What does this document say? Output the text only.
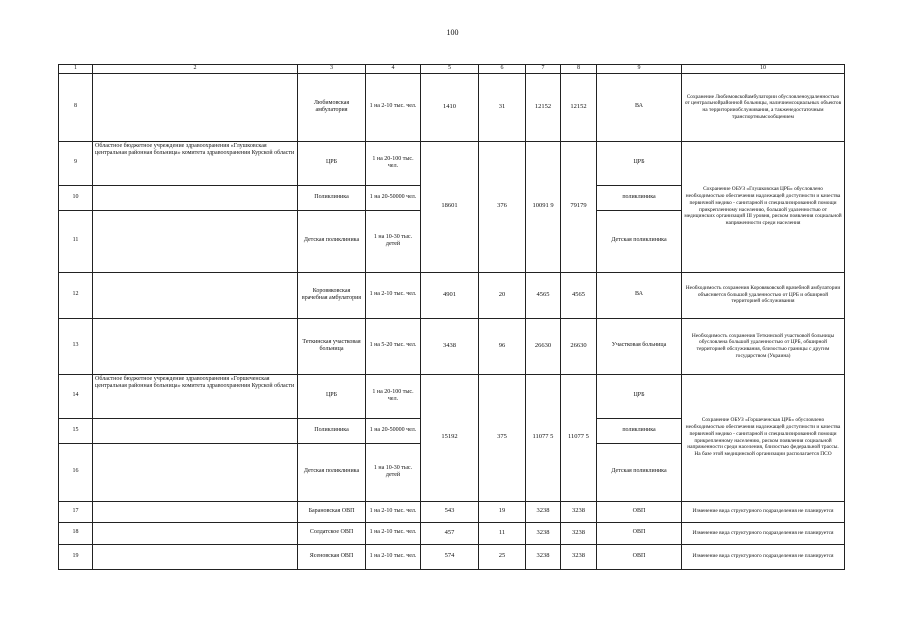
100
1	2	3	4	5	6	7	8	9	10
8		Любимовская амбулатория	1 на 2-10 тыс. чел.	1410	31	12152	12152	ВА	Сохранение Любимовскойамбулатории обусловленоудаленностью от центральнойрайонной больницы, наличиемсоциальных объектов на территорииобслуживания, а такженедостаточным транспортнымсообщением
9	Областное бюджетное учреждение здравоохранения «Глушковская центральная районная больница» комитета здравоохранения Курской области	ЦРБ	1 на 20-100 тыс. чел.	18601	376	10091 9	79179	ЦРБ	Сохранение ОБУЗ «Глушковская ЦРБ» обусловлено необходимостью обеспечения надлежащей доступности и качества первичной медико - санитарной и специализированной помощи прикрепленному населению, большой удаленностью от медицинских организаций III уровня, риском появления социальной напряженности среди населения
10		Поликлиника	1 на 20-50000 чел.					поликлиника	
11		Детская поликлиника	1 на 10-30 тыс. детей					Детская поликлиника	
12		Коровяковская врачебная амбулатория	1 на 2-10 тыс. чел.	4901	20	4565	4565	ВА	Необходимость сохранения Коровяковской врачебной амбулатории объясняется большой удаленностью от ЦРБ и обширной территорией обслуживания
13		Теткинская участковая больница	1 на 5-20 тыс. чел.	3438	96	26630	26630	Участковая больница	Необходимость сохранения Теткинской участковой больницы обусловлена большой удаленностью от ЦРБ, обширной территорией обслуживания, близостью границы с другим государством (Украина)
14	Областное бюджетное учреждение здравоохранения «Горшеченская центральная районная больница» комитета здравоохранения Курской области	ЦРБ	1 на 20-100 тыс. чел.	15192	375	11077 5	11077 5	ЦРБ	Сохранение ОБУЗ «Горшеченская ЦРБ» обусловлено необходимостью обеспечения надлежащей доступности и качества первичной медико - санитарной и специализированной помощи прикрепленному населению, риском появления социальной напряженности среди населения, близостью федеральной трассы. На базе этой медицинской организации располагается ПСО
15		Поликлиника	1 на 20-50000 чел.					поликлиника	
16		Детская поликлиника	1 на 10-30 тыс. детей					Детская поликлиника	
17		Барановская ОВП	1 на 2-10 тыс. чел.	543	19	3238	3238	ОВП	Изменение вида структурного подразделения не планируется
18		Солдатское ОВП	1 на 2-10 тыс. чел.	457	11	3238	3238	ОВП	Изменение вида структурного подразделения не планируется
19		Ясеновская ОВП	1 на 2-10 тыс. чел.	574	25	3238	3238	ОВП	Изменение вида структурного подразделения не планируется
